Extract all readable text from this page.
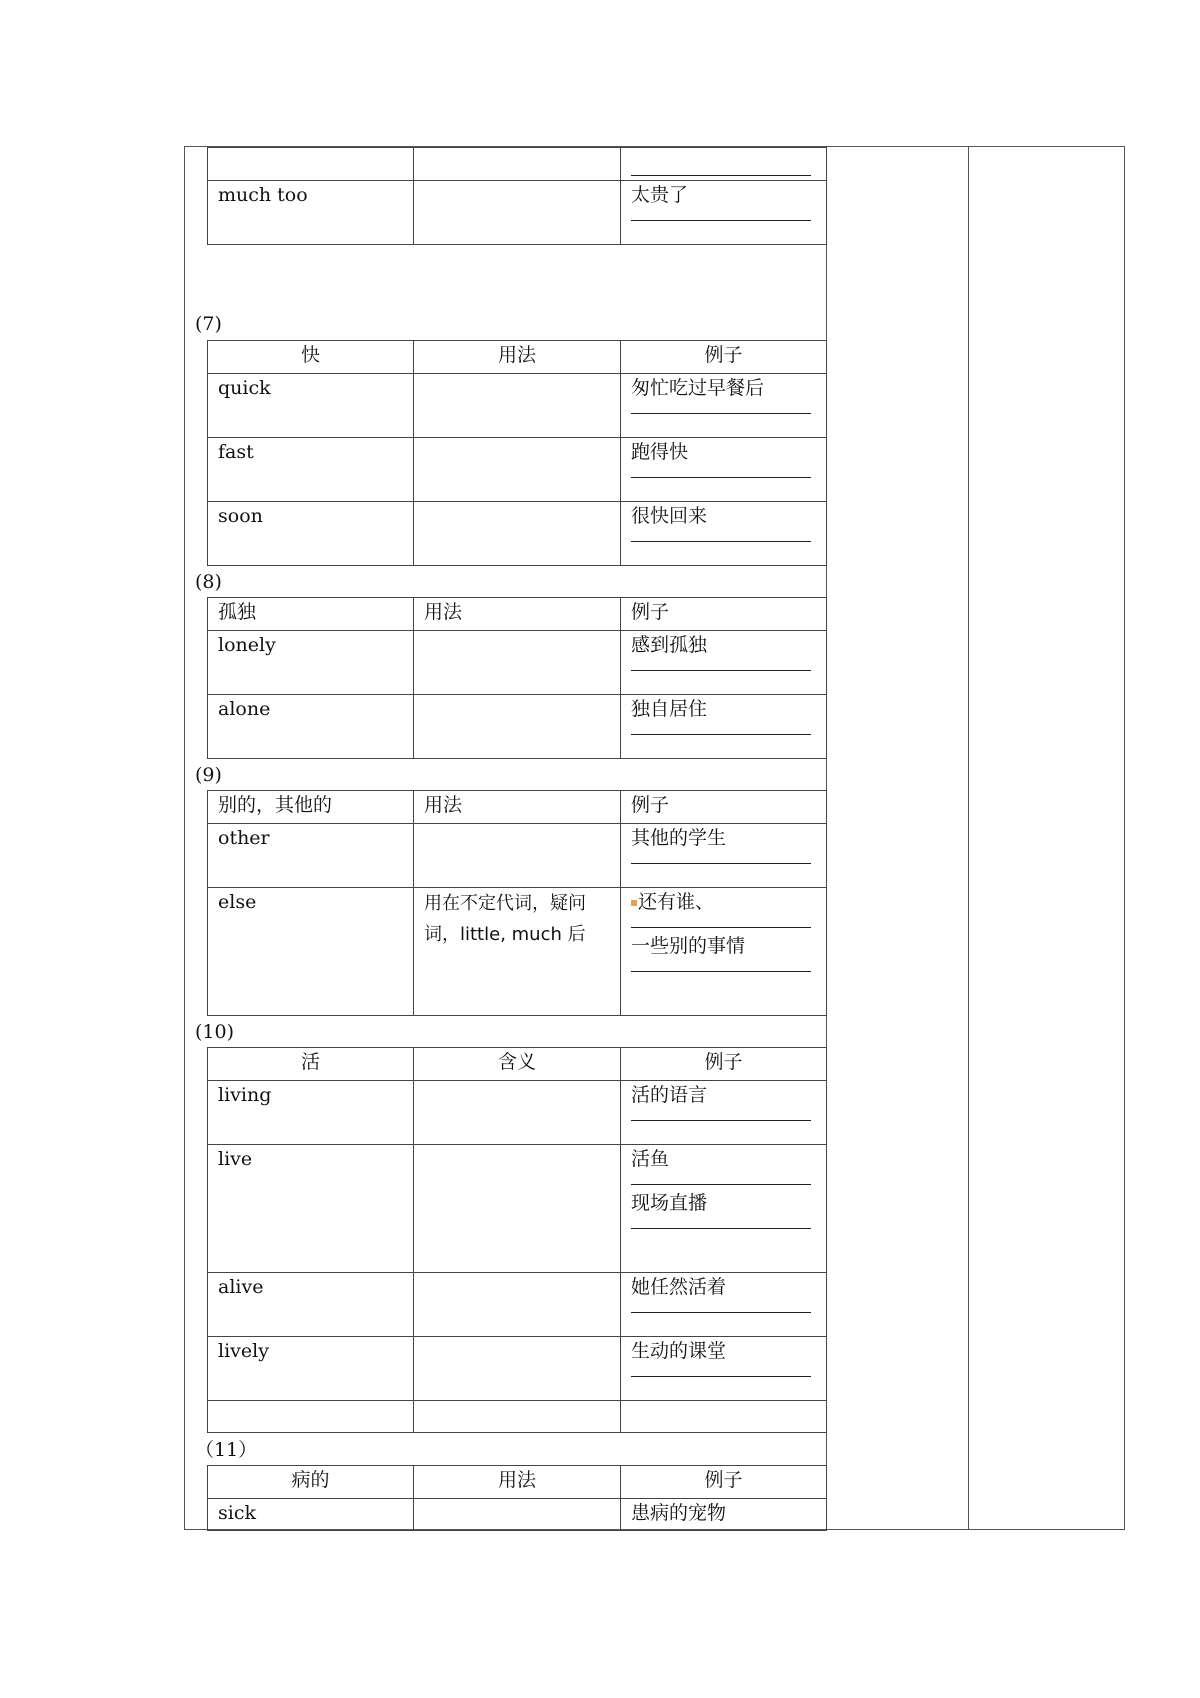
much too		太贵了
(7)
快	用法	例子
quick		匆忙吃过早餐后

fast		跑得快

soon		很快回来
(8)
孤独	用法	例子
lonely		感到孤独

alone		独自居住
(9)
别的，其他的	用法	例子
other		其他的学生

else	用在不定代词，疑问词，little, much 后	还有谁、
一些别的事情
(10)
活	含义	例子
living		活的语言

live		活鱼
现场直播

alive		她任然活着

lively		生动的课堂

（11）
病的	用法	例子
sick		患病的宠物
